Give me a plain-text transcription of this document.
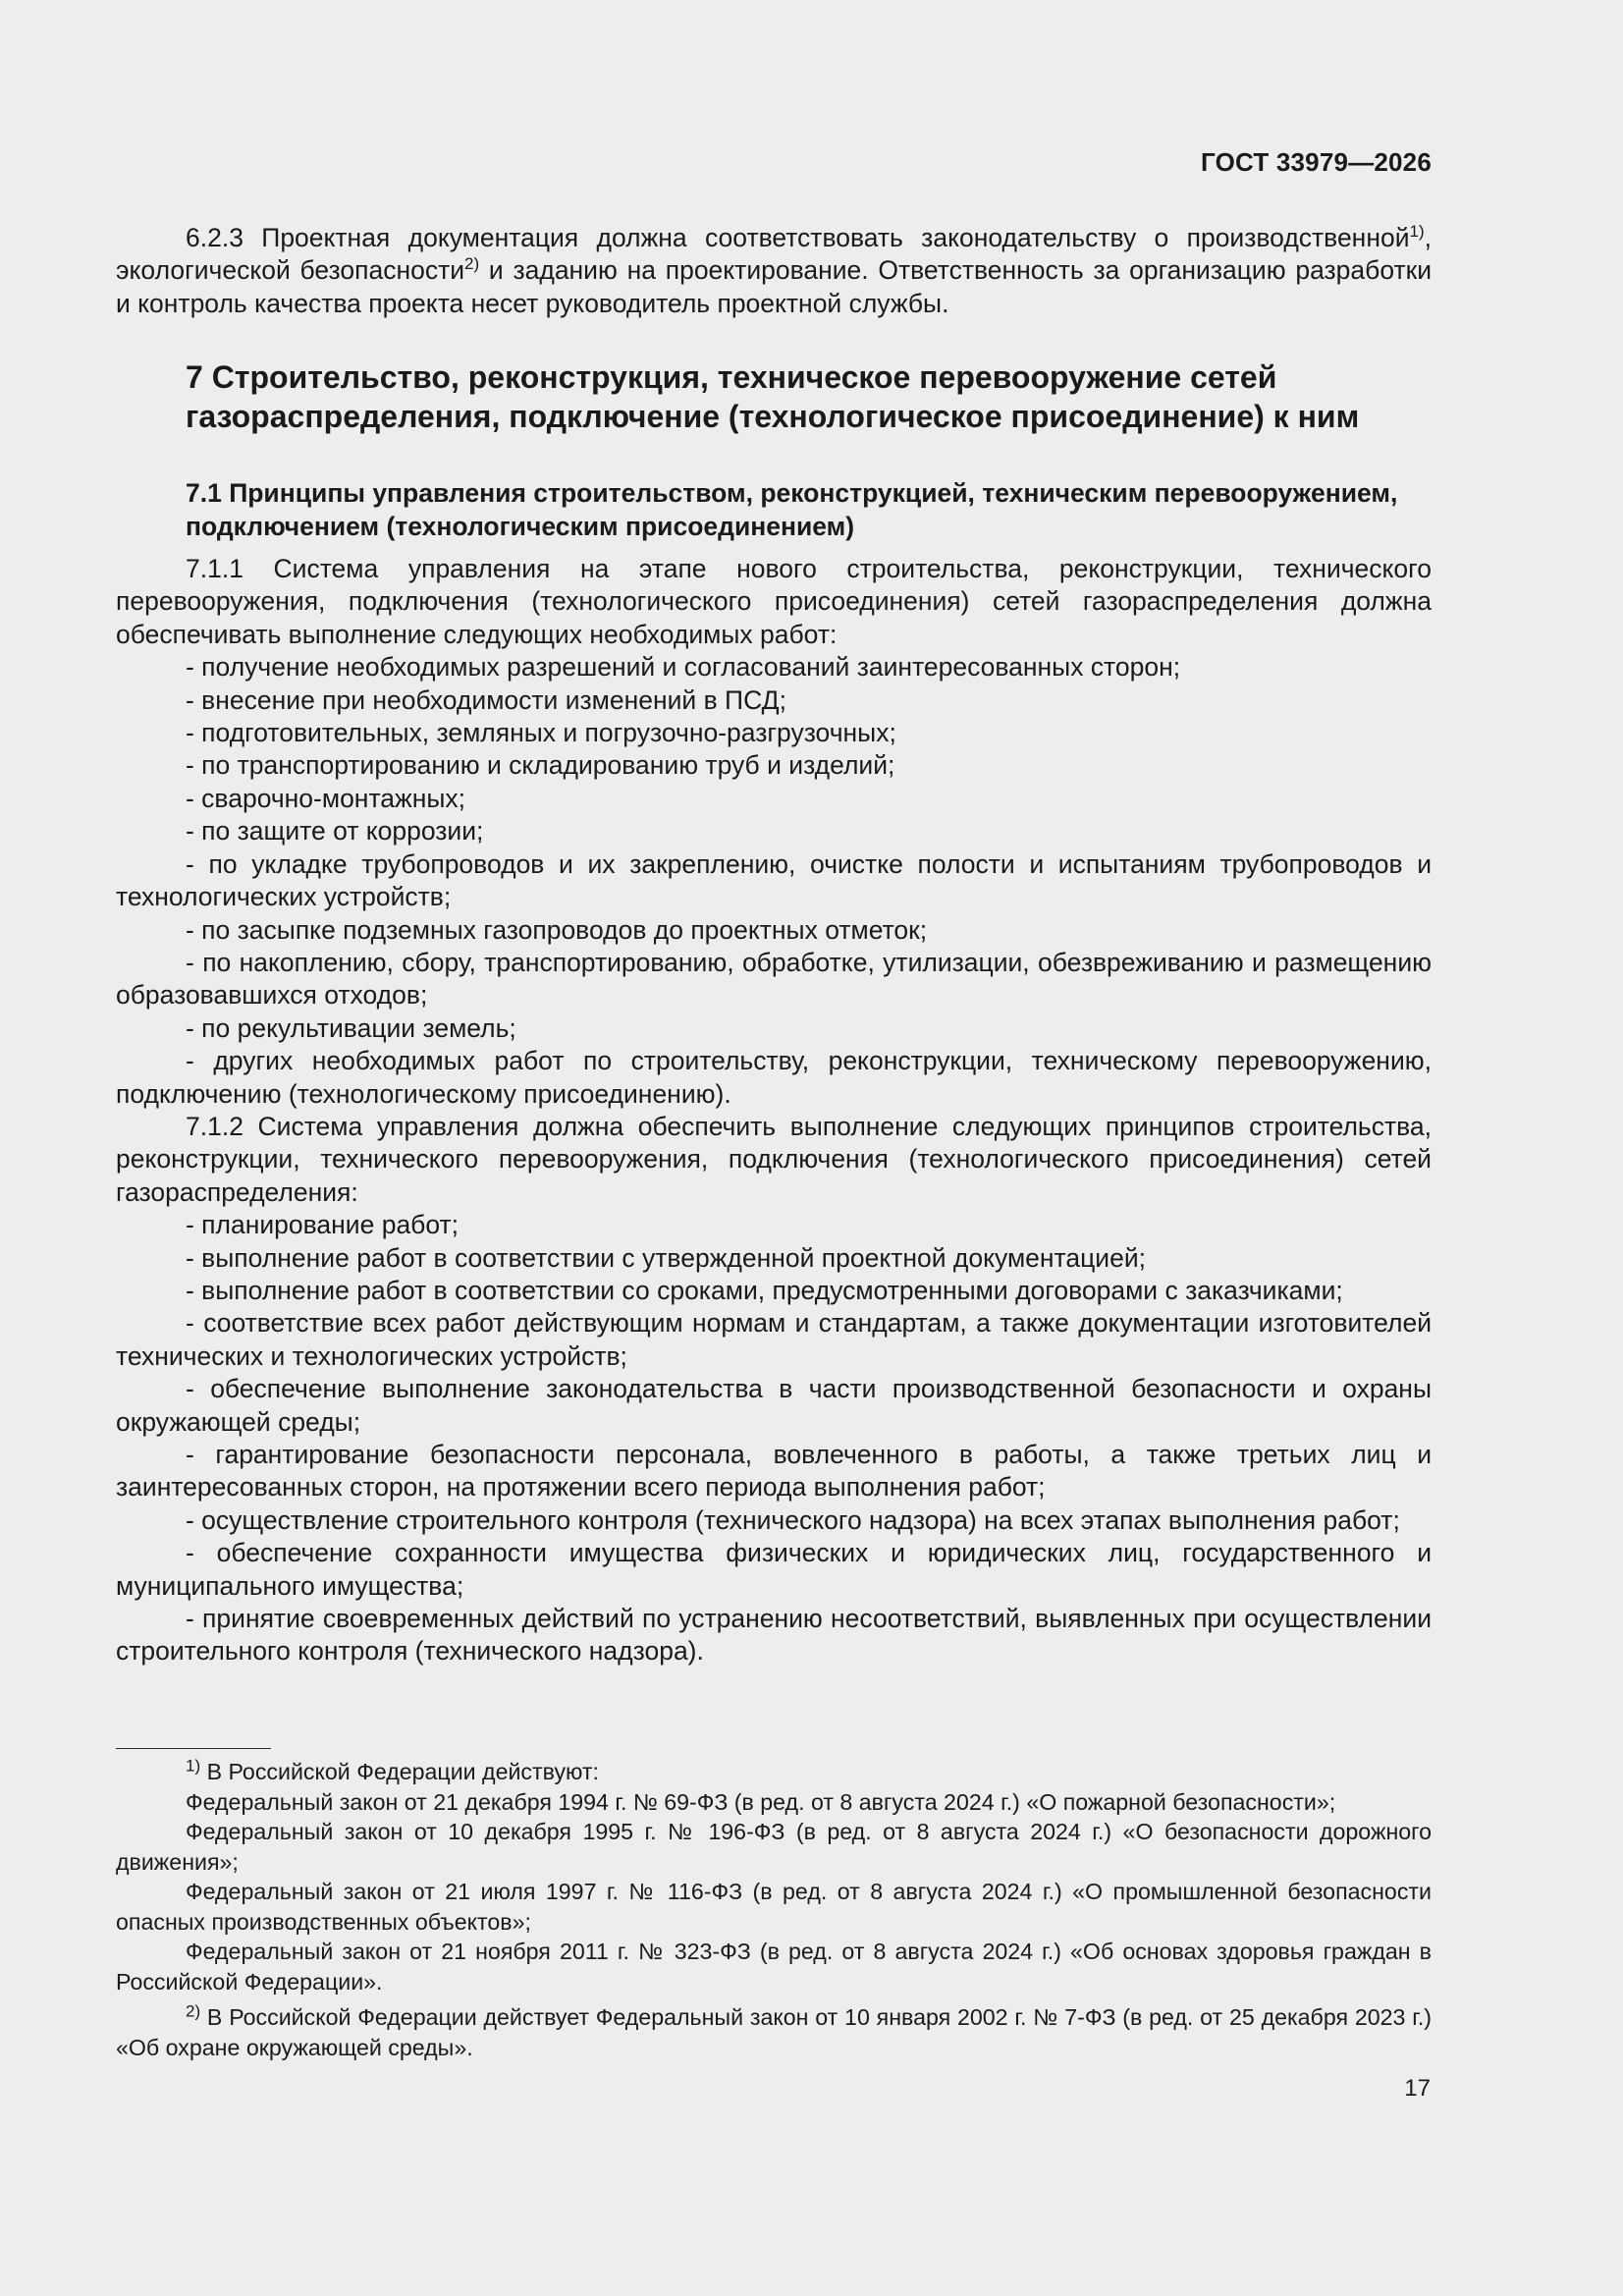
ГОСТ 33979—2026

6.2.3 Проектная документация должна соответствовать законодательству о производственной$^{1)}$, экологической безопасности$^{2)}$ и заданию на проектирование. Ответственность за организацию разработки и контроль качества проекта несет руководитель проектной службы.

7 Строительство, реконструкция, техническое перевооружение сетей газораспределения, подключение (технологическое присоединение) к ним
7.1 Принципы управления строительством, реконструкцией, техническим перевооружением, подключением (технологическим присоединением)

7.1.1 Система управления на этапе нового строительства, реконструкции, технического перевооружения, подключения (технологического присоединения) сетей газораспределения должна обеспечивать выполнение следующих необходимых работ:

- получение необходимых разрешений и согласований заинтересованных сторон;

- внесение при необходимости изменений в ПСД;

- подготовительных, земляных и погрузочно-разгрузочных;

- по транспортированию и складированию труб и изделий;

- сварочно-монтажных;

- по защите от коррозии;

- по укладке трубопроводов и их закреплению, очистке полости и испытаниям трубопроводов и технологических устройств;

- по засыпке подземных газопроводов до проектных отметок;

- по накоплению, сбору, транспортированию, обработке, утилизации, обезвреживанию и размещению образовавшихся отходов;

- по рекультивации земель;

- других необходимых работ по строительству, реконструкции, техническому перевооружению, подключению (технологическому присоединению).

7.1.2 Система управления должна обеспечить выполнение следующих принципов строительства, реконструкции, технического перевооружения, подключения (технологического присоединения) сетей газораспределения:

- планирование работ;

- выполнение работ в соответствии с утвержденной проектной документацией;

- выполнение работ в соответствии со сроками, предусмотренными договорами с заказчиками;

- соответствие всех работ действующим нормам и стандартам, а также документации изготовителей технических и технологических устройств;

- обеспечение выполнение законодательства в части производственной безопасности и охраны окружающей среды;

- гарантирование безопасности персонала, вовлеченного в работы, а также третьих лиц и заинтересованных сторон, на протяжении всего периода выполнения работ;

- осуществление строительного контроля (технического надзора) на всех этапах выполнения работ;

- обеспечение сохранности имущества физических и юридических лиц, государственного и муниципального имущества;

- принятие своевременных действий по устранению несоответствий, выявленных при осуществлении строительного контроля (технического надзора).

$^{1)}$ В Российской Федерации действуют:

Федеральный закон от 21 декабря 1994 г. № 69-ФЗ (в ред. от 8 августа 2024 г.) «О пожарной безопасности»;

Федеральный закон от 10 декабря 1995 г. № 196-ФЗ (в ред. от 8 августа 2024 г.) «О безопасности дорожного движения»;

Федеральный закон от 21 июля 1997 г. № 116-ФЗ (в ред. от 8 августа 2024 г.) «О промышленной безопасности опасных производственных объектов»;

Федеральный закон от 21 ноября 2011 г. № 323-ФЗ (в ред. от 8 августа 2024 г.) «Об основах здоровья граждан в Российской Федерации».

$^{2)}$ В Российской Федерации действует Федеральный закон от 10 января 2002 г. № 7-ФЗ (в ред. от 25 декабря 2023 г.) «Об охране окружающей среды».

17
